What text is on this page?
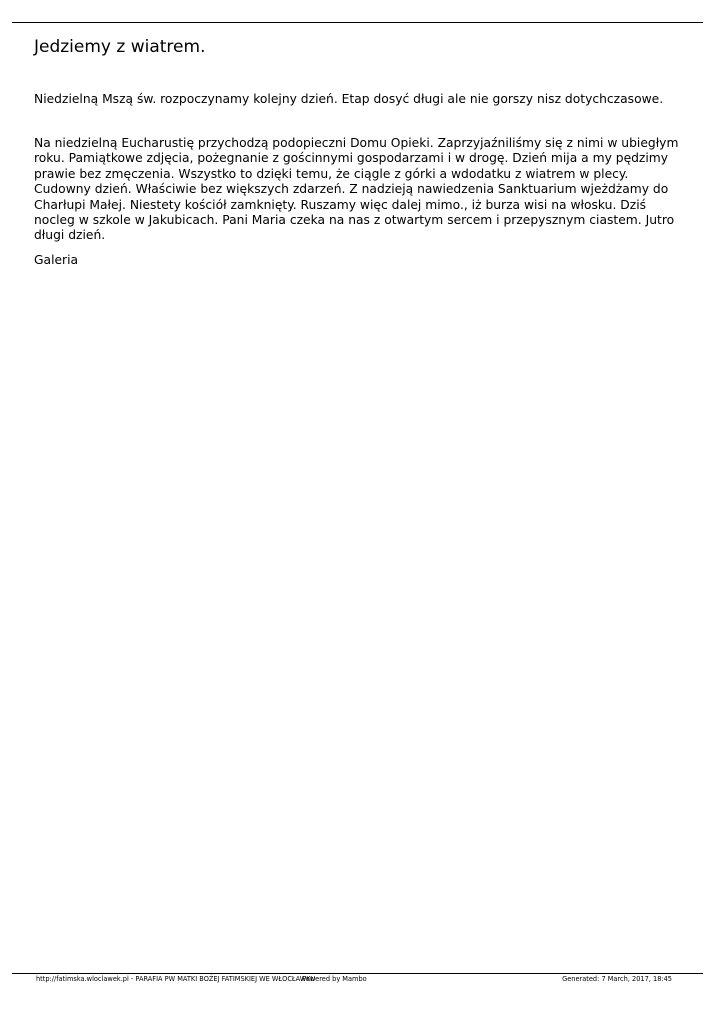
Jedziemy z wiatrem.

Niedzielną Mszą św. rozpoczynamy kolejny dzień. Etap dosyć długi ale nie gorszy nisz dotychczasowe.

Na niedzielną Eucharustię przychodzą podopieczni Domu Opieki. Zaprzyjaźniliśmy się z nimi w ubiegłym roku. Pamiątkowe zdjęcia, pożegnanie z gościnnymi gospodarzami i w drogę. Dzień mija a my pędzimy prawie bez zmęczenia. Wszystko to dzięki temu, że ciągle z górki a wdodatku z wiatrem w plecy. Cudowny dzień. Właściwie bez większych zdarzeń. Z nadzieją nawiedzenia Sanktuarium wjeżdżamy do Charłupi Małej. Niestety kościół zamknięty. Ruszamy więc dalej mimo., iż burza wisi na włosku. Dziś nocleg w szkole w Jakubicach. Pani Maria czeka na nas z otwartym sercem i przepysznym ciastem. Jutro długi dzień.

Galeria

http://fatimska.wloclawek.pl - PARAFIA PW MATKI BOŻEJ FATIMSKIEJ WE WŁOCŁAWKU
Powered by Mambo	Generated: 7 March, 2017, 18:45
